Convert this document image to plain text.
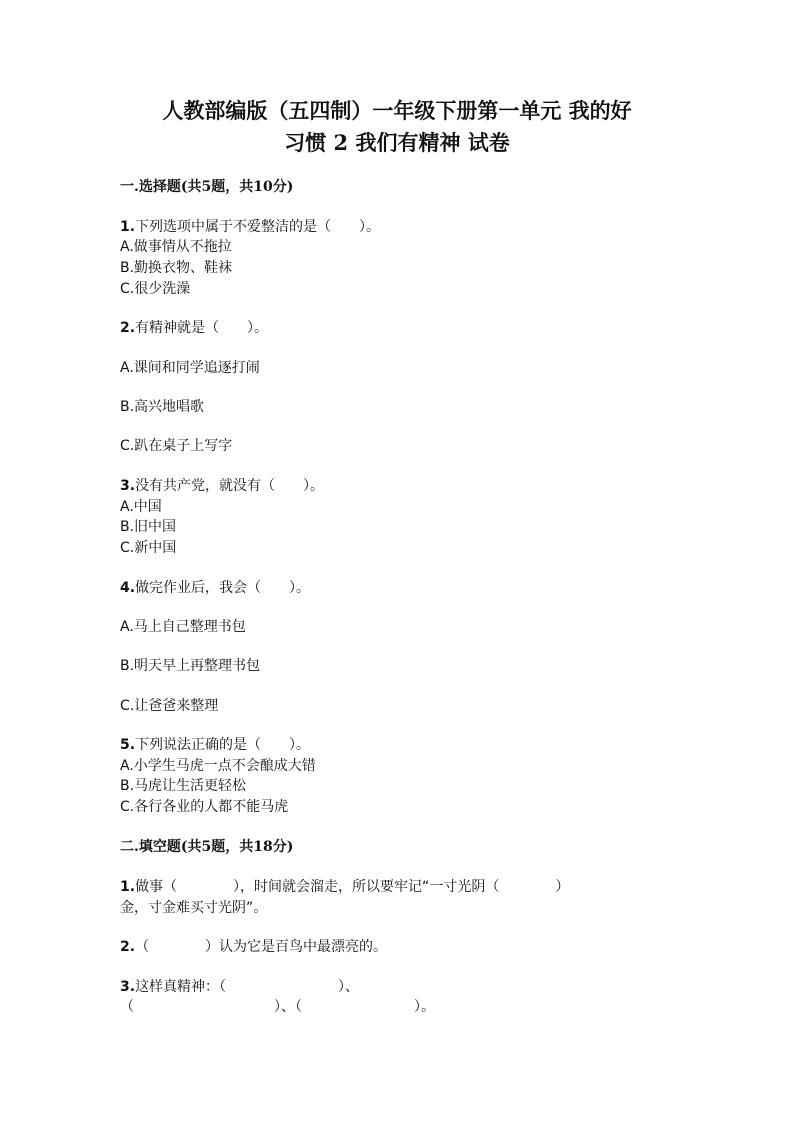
人教部编版（五四制）一年级下册第一单元 我的好
习惯 2 我们有精神 试卷
一.选择题(共5题，共10分)
1.下列选项中属于不爱整洁的是（　　）。
A.做事情从不拖拉
B.勤换衣物、鞋袜
C.很少洗澡
2.有精神就是（　　）。
A.课间和同学追逐打闹
B.高兴地唱歌
C.趴在桌子上写字
3.没有共产党，就没有（　　）。
A.中国
B.旧中国
C.新中国
4.做完作业后，我会（　　）。
A.马上自己整理书包
B.明天早上再整理书包
C.让爸爸来整理
5.下列说法正确的是（　　）。
A.小学生马虎一点不会酿成大错
B.马虎让生活更轻松
C.各行各业的人都不能马虎
二.填空题(共5题，共18分)
1.做事（　　　　），时间就会溜走，所以要牢记“一寸光阴（　　　　）
金，寸金难买寸光阴”。
2.（　　　　）认为它是百鸟中最漂亮的。
3.这样真精神：（　　　　　　　　）、
（　　　　　　　　　　）、（　　　　　　　　）。
